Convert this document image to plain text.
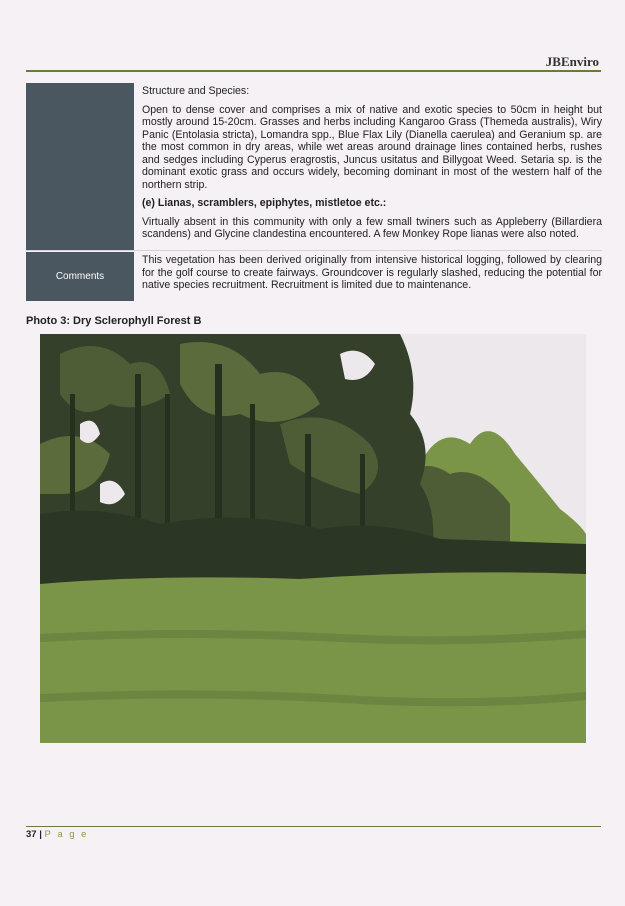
JBEnviro
Comments

Structure and Species:

Open to dense cover and comprises a mix of native and exotic species to 50cm in height but mostly around 15-20cm. Grasses and herbs including Kangaroo Grass (Themeda australis), Wiry Panic (Entolasia stricta), Lomandra spp., Blue Flax Lily (Dianella caerulea) and Geranium sp. are the most common in dry areas, while wet areas around drainage lines contained herbs, rushes and sedges including Cyperus eragrostis, Juncus usitatus and Billygoat Weed. Setaria sp. is the dominant exotic grass and occurs widely, becoming dominant in most of the western half of the northern strip.

(e) Lianas, scramblers, epiphytes, mistletoe etc.:

Virtually absent in this community with only a few small twiners such as Appleberry (Billardiera scandens) and Glycine clandestina encountered. A few Monkey Rope lianas were also noted.

This vegetation has been derived originally from intensive historical logging, followed by clearing for the golf course to create fairways. Groundcover is regularly slashed, reducing the potential for native species recruitment. Recruitment is limited due to maintenance.

Photo 3: Dry Sclerophyll Forest B
37 | P a g e
